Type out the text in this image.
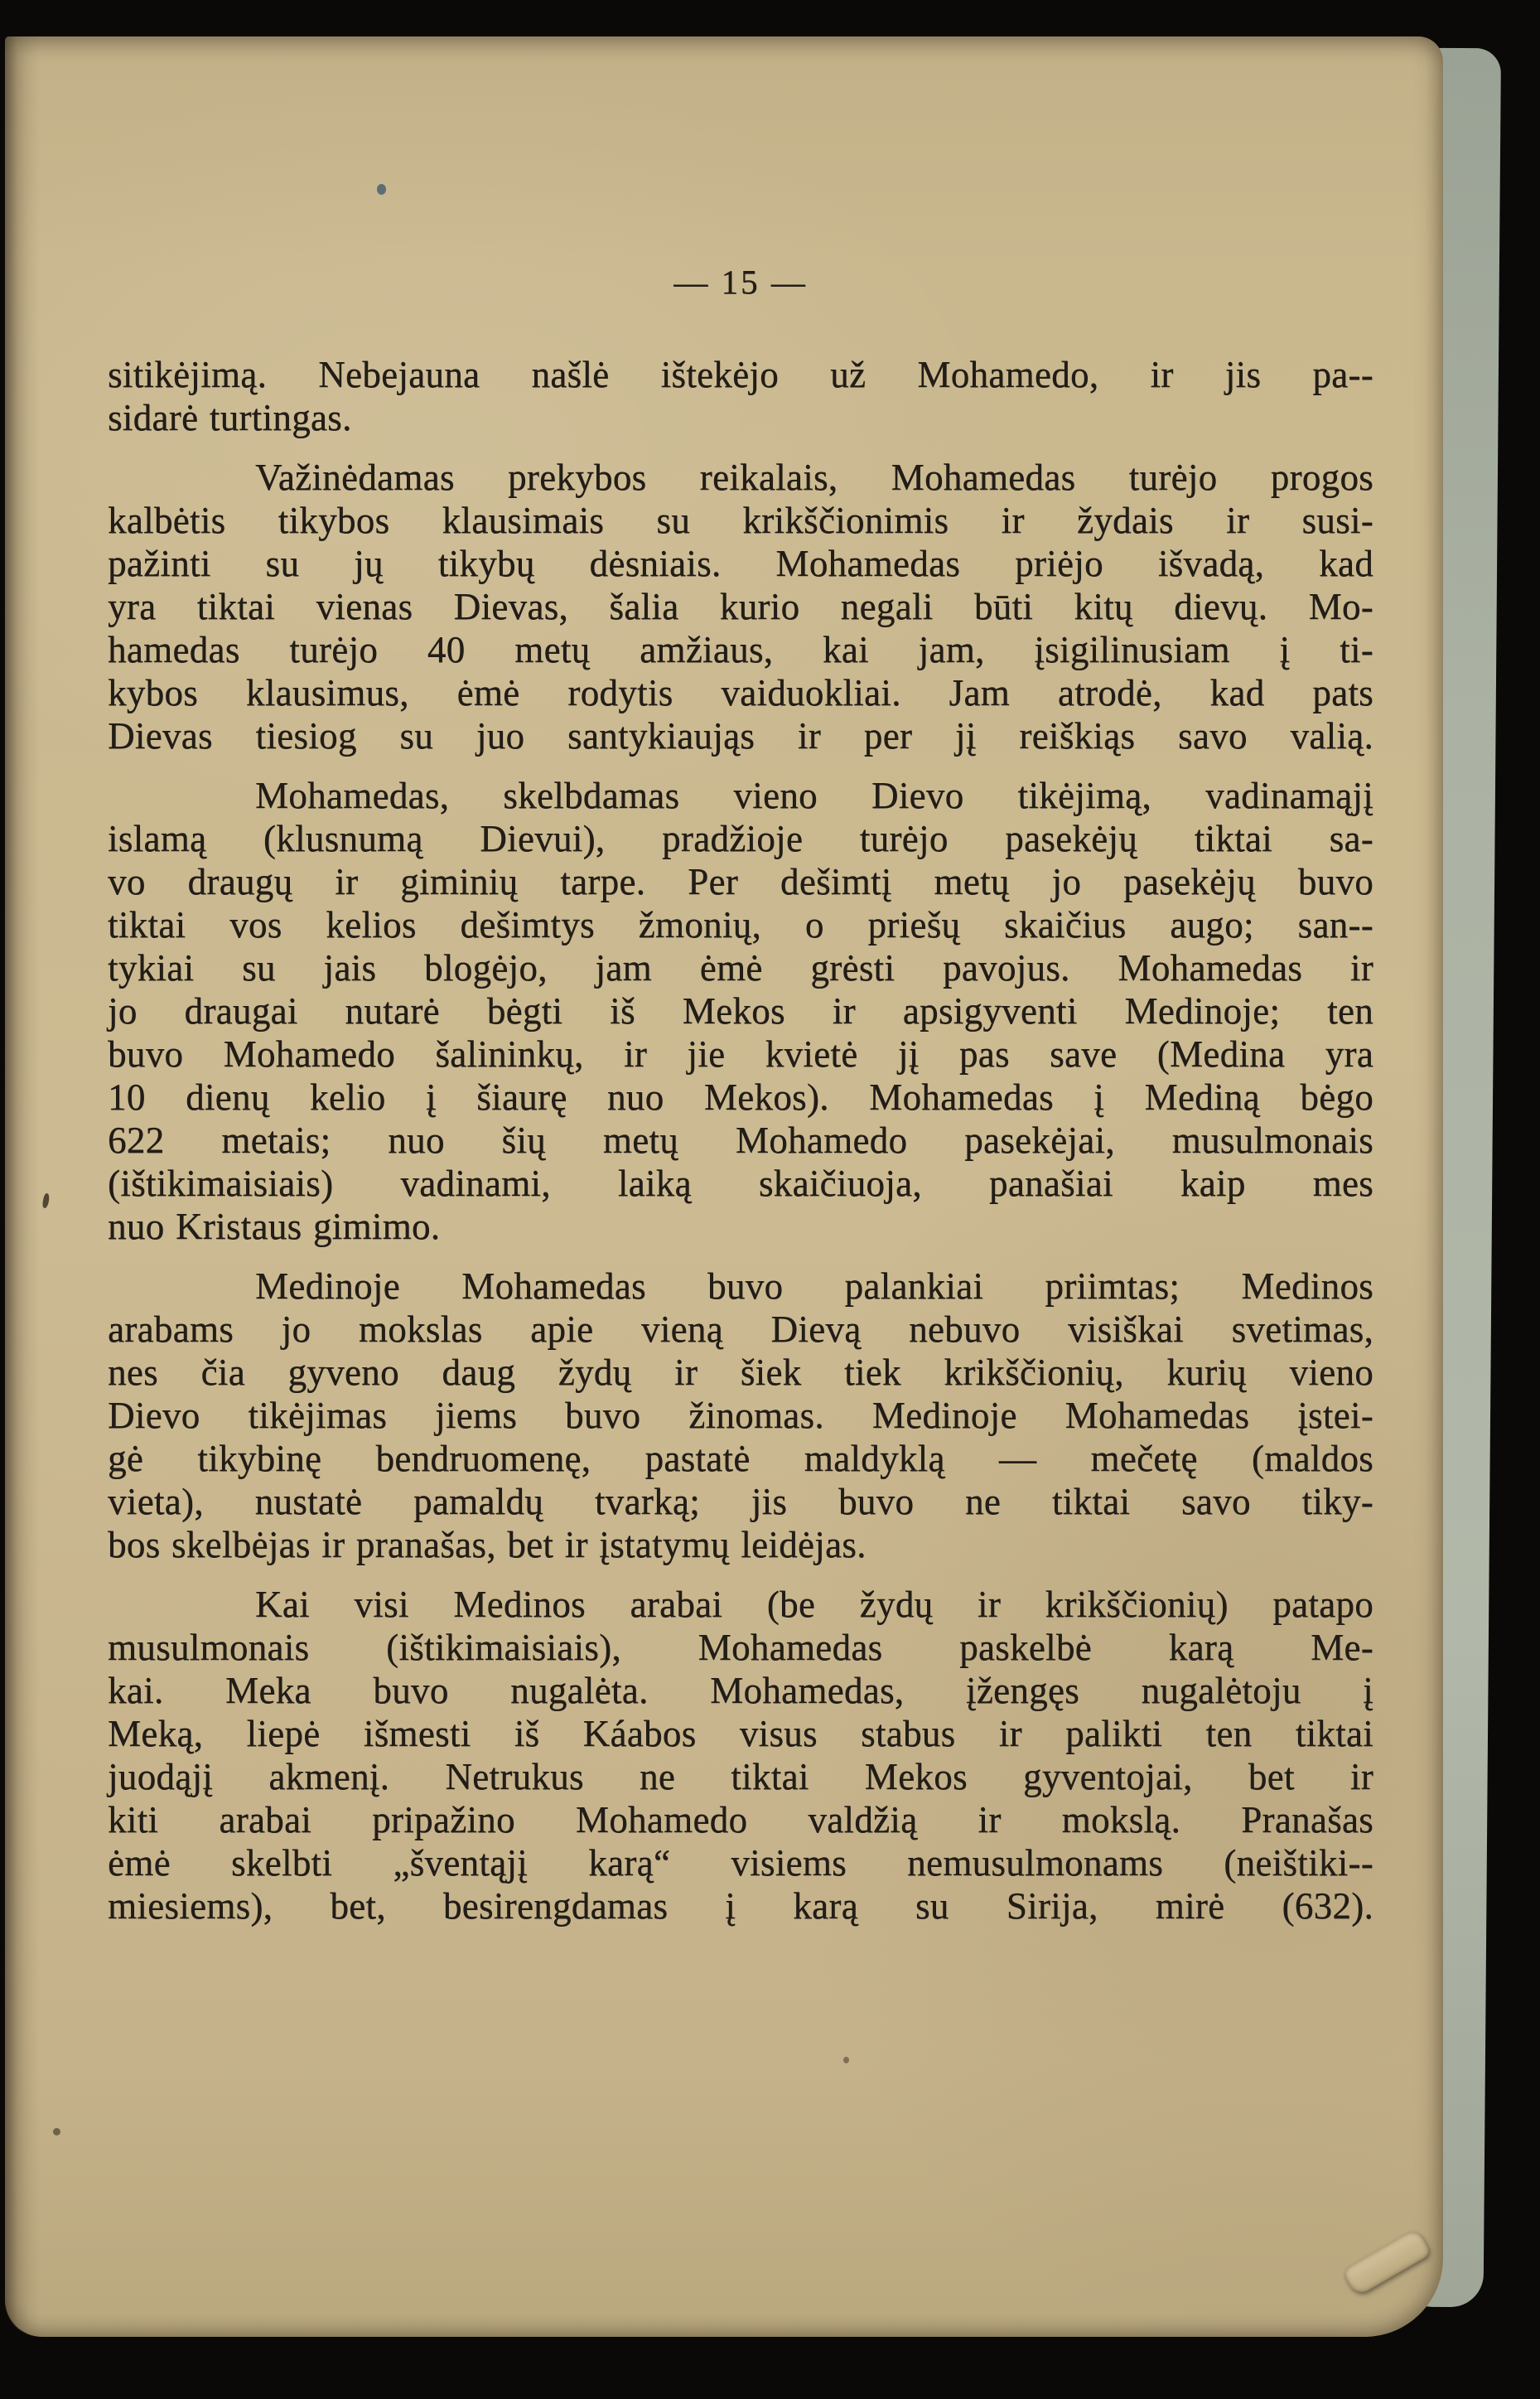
— 15 —
sitikėjimą. Nebejauna našlė ištekėjo už Mohamedo, ir jis pa--
sidarė turtingas.
Važinėdamas prekybos reikalais, Mohamedas turėjo progos
kalbėtis tikybos klausimais su krikščionimis ir žydais ir susi-
pažinti su jų tikybų dėsniais. Mohamedas priėjo išvadą, kad
yra tiktai vienas Dievas, šalia kurio negali būti kitų dievų. Mo-
hamedas turėjo 40 metų amžiaus, kai jam, įsigilinusiam į ti-
kybos klausimus, ėmė rodytis vaiduokliai. Jam atrodė, kad pats
Dievas tiesiog su juo santykiaująs ir per jį reiškiąs savo valią.
Mohamedas, skelbdamas vieno Dievo tikėjimą, vadinamąjį
islamą (klusnumą Dievui), pradžioje turėjo pasekėjų tiktai sa-
vo draugų ir giminių tarpe. Per dešimtį metų jo pasekėjų buvo
tiktai vos kelios dešimtys žmonių, o priešų skaičius augo; san--
tykiai su jais blogėjo, jam ėmė grėsti pavojus. Mohamedas ir
jo draugai nutarė bėgti iš Mekos ir apsigyventi Medinoje; ten
buvo Mohamedo šalininkų, ir jie kvietė jį pas save (Medina yra
10 dienų kelio į šiaurę nuo Mekos). Mohamedas į Mediną bėgo
622 metais; nuo šių metų Mohamedo pasekėjai, musulmonais
(ištikimaisiais) vadinami, laiką skaičiuoja, panašiai kaip mes
nuo Kristaus gimimo.
Medinoje Mohamedas buvo palankiai priimtas; Medinos
arabams jo mokslas apie vieną Dievą nebuvo visiškai svetimas,
nes čia gyveno daug žydų ir šiek tiek krikščionių, kurių vieno
Dievo tikėjimas jiems buvo žinomas. Medinoje Mohamedas įstei-
gė tikybinę bendruomenę, pastatė maldyklą — mečetę (maldos
vieta), nustatė pamaldų tvarką; jis buvo ne tiktai savo tiky-
bos skelbėjas ir pranašas, bet ir įstatymų leidėjas.
Kai visi Medinos arabai (be žydų ir krikščionių) patapo
musulmonais (ištikimaisiais), Mohamedas paskelbė karą Me-
kai. Meka buvo nugalėta. Mohamedas, įžengęs nugalėtoju į
Meką, liepė išmesti iš Káabos visus stabus ir palikti ten tiktai
juodąjį akmenį. Netrukus ne tiktai Mekos gyventojai, bet ir
kiti arabai pripažino Mohamedo valdžią ir mokslą. Pranašas
ėmė skelbti „šventąjį karą“ visiems nemusulmonams (neištiki--
miesiems), bet, besirengdamas į karą su Sirija, mirė (632).
